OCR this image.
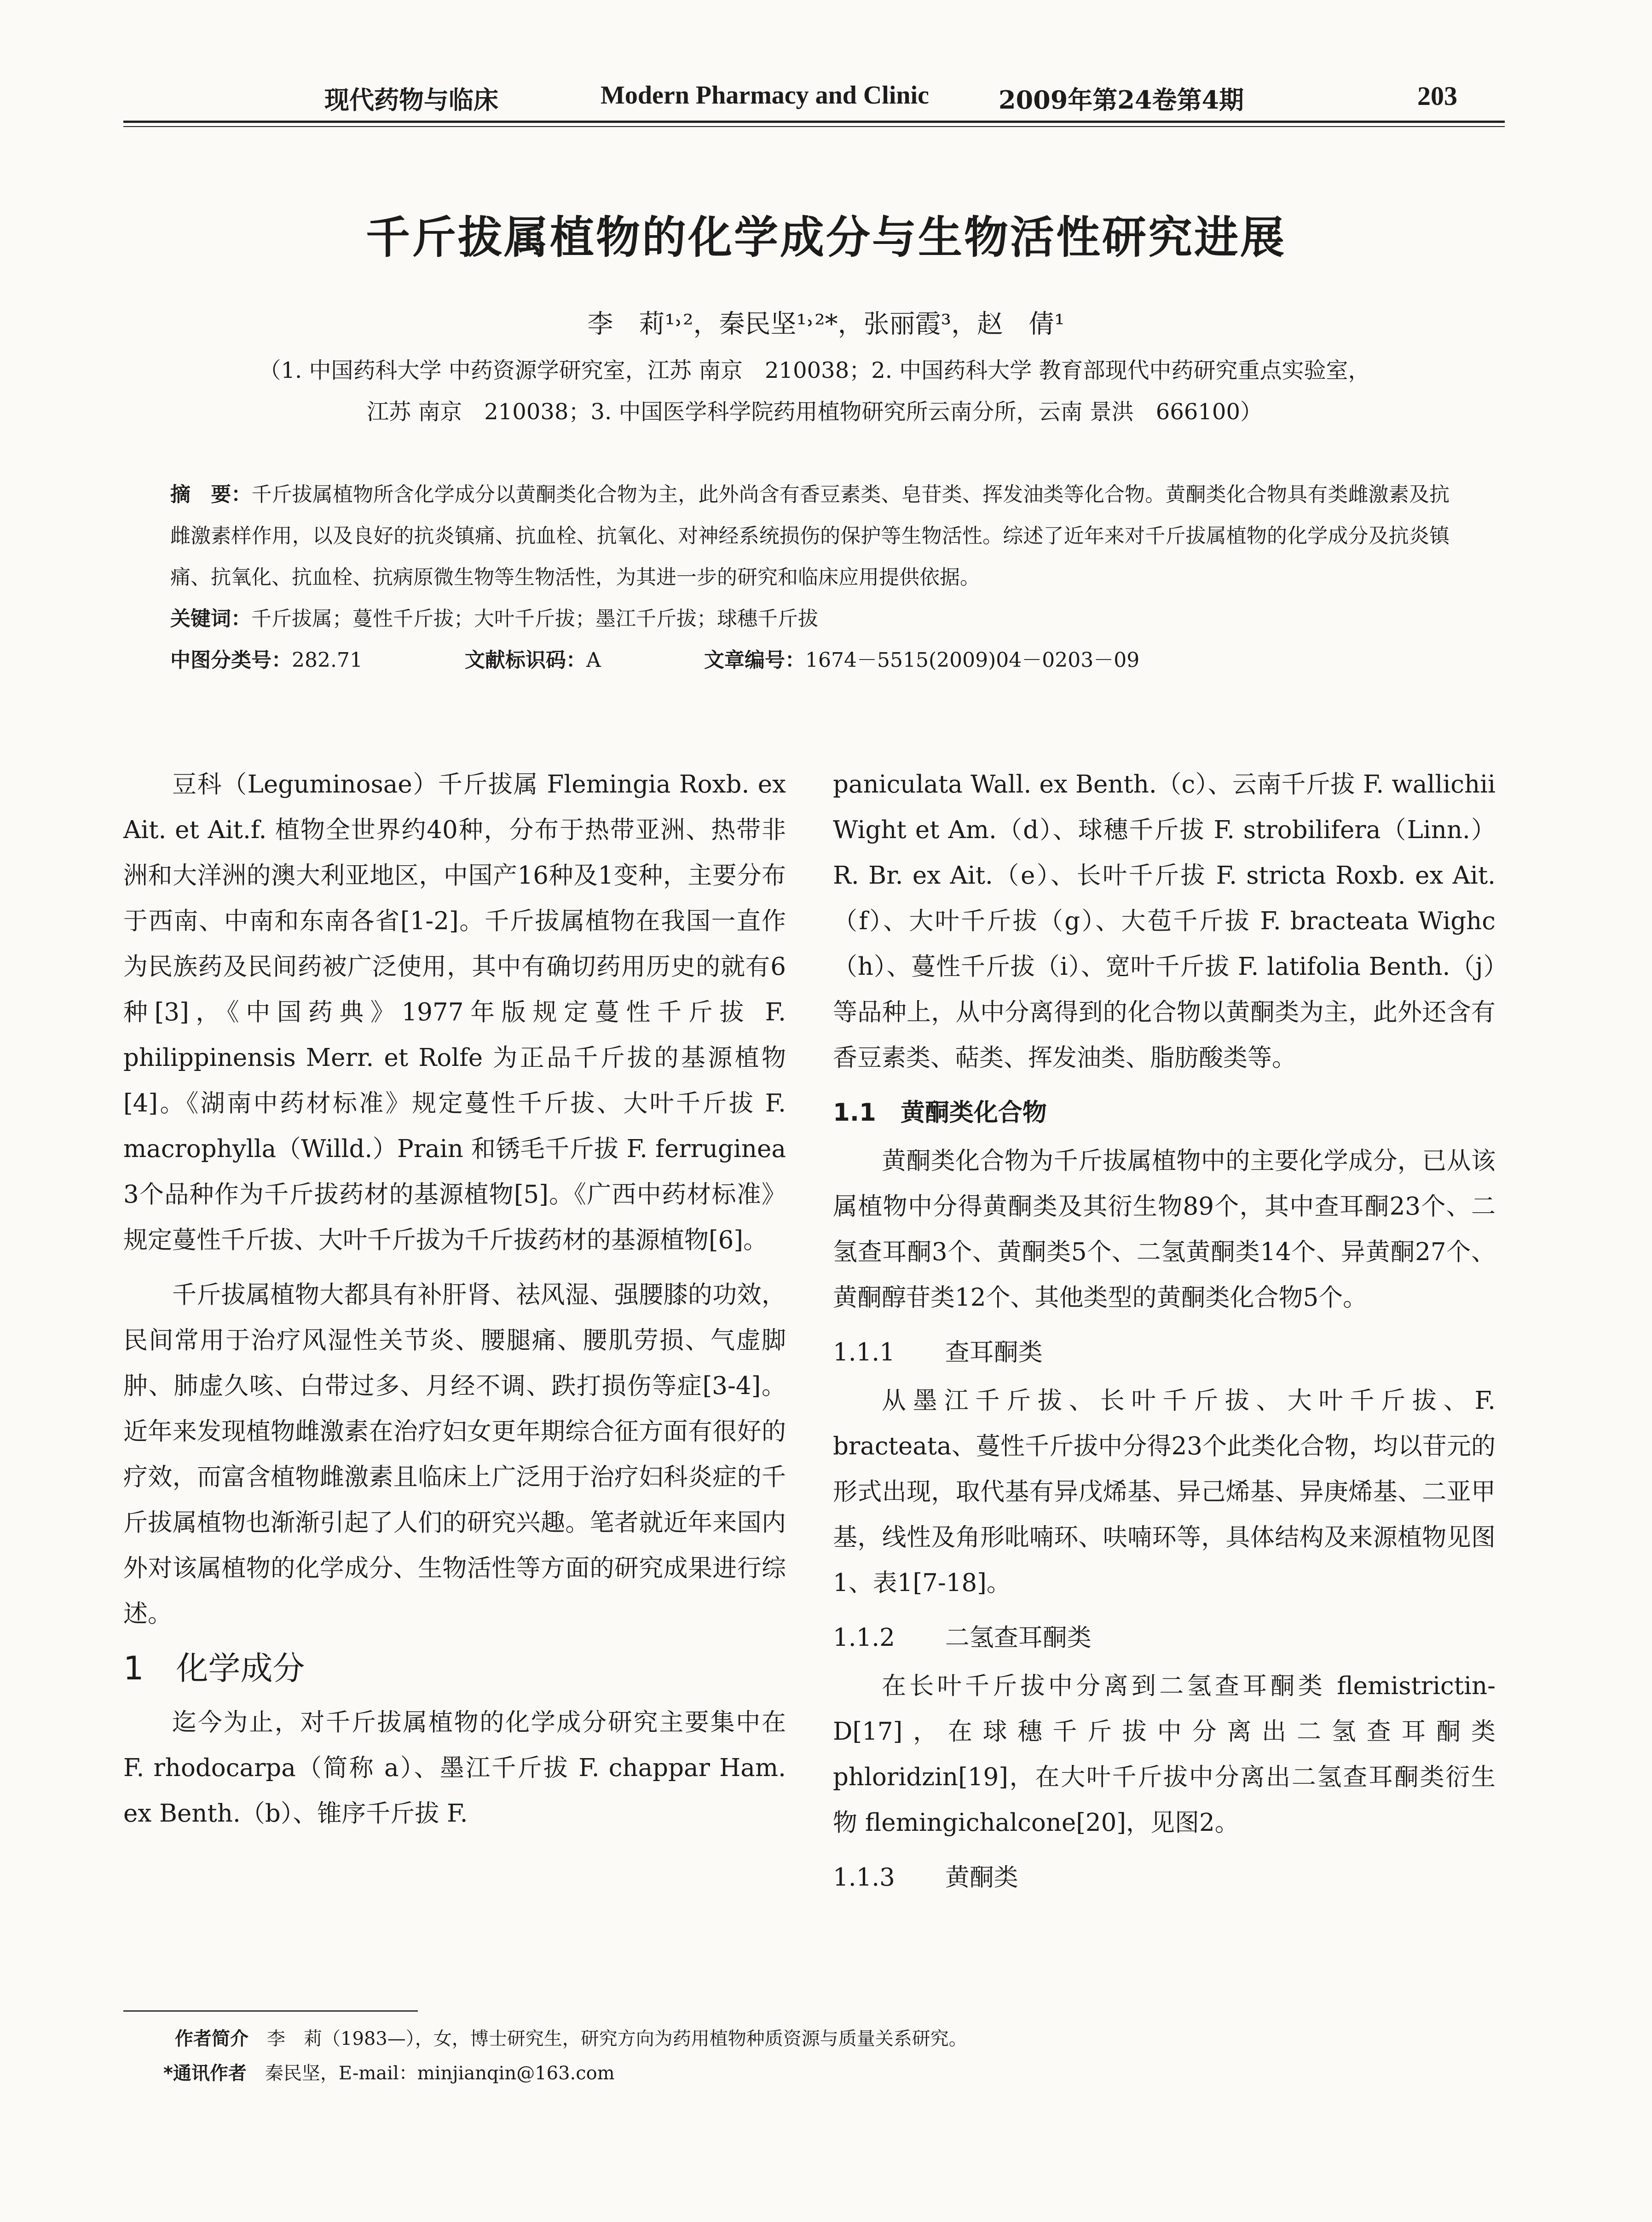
现代药物与临床	Modern Pharmacy and Clinic	2009年第24卷第4期	203
千斤拔属植物的化学成分与生物活性研究进展
李　莉¹˒²，秦民坚¹˒²*，张丽霞³，赵　倩¹
（1. 中国药科大学 中药资源学研究室，江苏 南京　210038；2. 中国药科大学 教育部现代中药研究重点实验室，
江苏 南京　210038；3. 中国医学科学院药用植物研究所云南分所，云南 景洪　666100）
摘　要：千斤拔属植物所含化学成分以黄酮类化合物为主，此外尚含有香豆素类、皂苷类、挥发油类等化合物。黄酮类化合物具有类雌激素及抗雌激素样作用，以及良好的抗炎镇痛、抗血栓、抗氧化、对神经系统损伤的保护等生物活性。综述了近年来对千斤拔属植物的化学成分及抗炎镇痛、抗氧化、抗血栓、抗病原微生物等生物活性，为其进一步的研究和临床应用提供依据。
关键词：千斤拔属；蔓性千斤拔；大叶千斤拔；墨江千斤拔；球穗千斤拔
中图分类号：282.71	文献标识码：A	文章编号：1674－5515(2009)04－0203－09

豆科（Leguminosae）千斤拔属 Flemingia Roxb. ex Ait. et Ait.f. 植物全世界约40种，分布于热带亚洲、热带非洲和大洋洲的澳大利亚地区，中国产16种及1变种，主要分布于西南、中南和东南各省[1-2]。千斤拔属植物在我国一直作为民族药及民间药被广泛使用，其中有确切药用历史的就有6种[3]，《中国药典》1977年版规定蔓性千斤拔 F. philippinensis Merr. et Rolfe 为正品千斤拔的基源植物[4]。《湖南中药材标准》规定蔓性千斤拔、大叶千斤拔 F. macrophylla（Willd.）Prain 和锈毛千斤拔 F. ferruginea 3个品种作为千斤拔药材的基源植物[5]。《广西中药材标准》规定蔓性千斤拔、大叶千斤拔为千斤拔药材的基源植物[6]。

千斤拔属植物大都具有补肝肾、祛风湿、强腰膝的功效，民间常用于治疗风湿性关节炎、腰腿痛、腰肌劳损、气虚脚肿、肺虚久咳、白带过多、月经不调、跌打损伤等症[3-4]。近年来发现植物雌激素在治疗妇女更年期综合征方面有很好的疗效，而富含植物雌激素且临床上广泛用于治疗妇科炎症的千斤拔属植物也渐渐引起了人们的研究兴趣。笔者就近年来国内外对该属植物的化学成分、生物活性等方面的研究成果进行综述。

1　化学成分

迄今为止，对千斤拔属植物的化学成分研究主要集中在 F. rhodocarpa（简称 a）、墨江千斤拔 F. chappar Ham. ex Benth.（b）、锥序千斤拔 F.

paniculata Wall. ex Benth.（c）、云南千斤拔 F. wallichii Wight et Am.（d）、球穗千斤拔 F. strobilifera（Linn.）R. Br. ex Ait.（e）、长叶千斤拔 F. stricta Roxb. ex Ait.（f）、大叶千斤拔（g）、大苞千斤拔 F. bracteata Wighc（h）、蔓性千斤拔（i）、宽叶千斤拔 F. latifolia Benth.（j）等品种上，从中分离得到的化合物以黄酮类为主，此外还含有香豆素类、萜类、挥发油类、脂肪酸类等。

1.1　黄酮类化合物

黄酮类化合物为千斤拔属植物中的主要化学成分，已从该属植物中分得黄酮类及其衍生物89个，其中查耳酮23个、二氢查耳酮3个、黄酮类5个、二氢黄酮类14个、异黄酮27个、黄酮醇苷类12个、其他类型的黄酮类化合物5个。

1.1.1 查耳酮类

从墨江千斤拔、长叶千斤拔、大叶千斤拔、F. bracteata、蔓性千斤拔中分得23个此类化合物，均以苷元的形式出现，取代基有异戊烯基、异己烯基、异庚烯基、二亚甲基，线性及角形吡喃环、呋喃环等，具体结构及来源植物见图1、表1[7-18]。

1.1.2 二氢查耳酮类

在长叶千斤拔中分离到二氢查耳酮类 flemistrictin-D[17]，在球穗千斤拔中分离出二氢查耳酮类 phloridzin[19]，在大叶千斤拔中分离出二氢查耳酮类衍生物 flemingichalcone[20]，见图2。

1.1.3 黄酮类
作者简介　 李　莉（1983—），女，博士研究生，研究方向为药用植物种质资源与质量关系研究。
*通讯作者　 秦民坚，E-mail：minjianqin@163.com
